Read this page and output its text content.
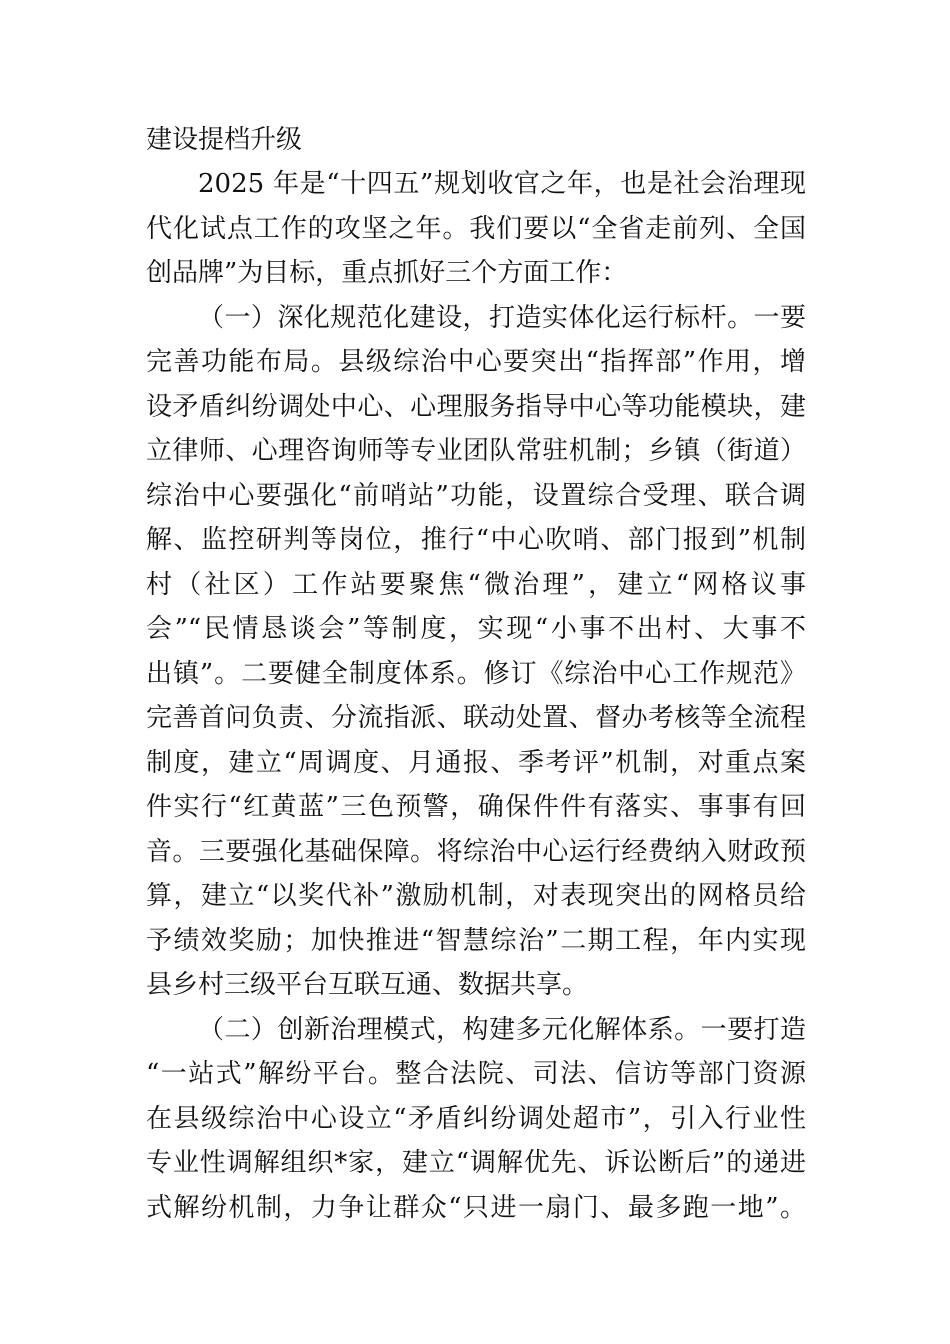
建设提档升级
2025 年是“十四五”规划收官之年，也是社会治理现
代化试点工作的攻坚之年。我们要以“全省走前列、全国
创品牌”为目标，重点抓好三个方面工作：
（一）深化规范化建设，打造实体化运行标杆。一要
完善功能布局。县级综治中心要突出“指挥部”作用，增
设矛盾纠纷调处中心、心理服务指导中心等功能模块，建
立律师、心理咨询师等专业团队常驻机制；乡镇（街道）
综治中心要强化“前哨站”功能，设置综合受理、联合调
解、监控研判等岗位，推行“中心吹哨、部门报到”机制
村（社区）工作站要聚焦“微治理”，建立“网格议事
会”“民情恳谈会”等制度，实现“小事不出村、大事不
出镇”。二要健全制度体系。修订《综治中心工作规范》
完善首问负责、分流指派、联动处置、督办考核等全流程
制度，建立“周调度、月通报、季考评”机制，对重点案
件实行“红黄蓝”三色预警，确保件件有落实、事事有回
音。三要强化基础保障。将综治中心运行经费纳入财政预
算，建立“以奖代补”激励机制，对表现突出的网格员给
予绩效奖励；加快推进“智慧综治”二期工程，年内实现
县乡村三级平台互联互通、数据共享。
（二）创新治理模式，构建多元化解体系。一要打造
“一站式”解纷平台。整合法院、司法、信访等部门资源
在县级综治中心设立“矛盾纠纷调处超市”，引入行业性
专业性调解组织*家，建立“调解优先、诉讼断后”的递进
式解纷机制，力争让群众“只进一扇门、最多跑一地”。
